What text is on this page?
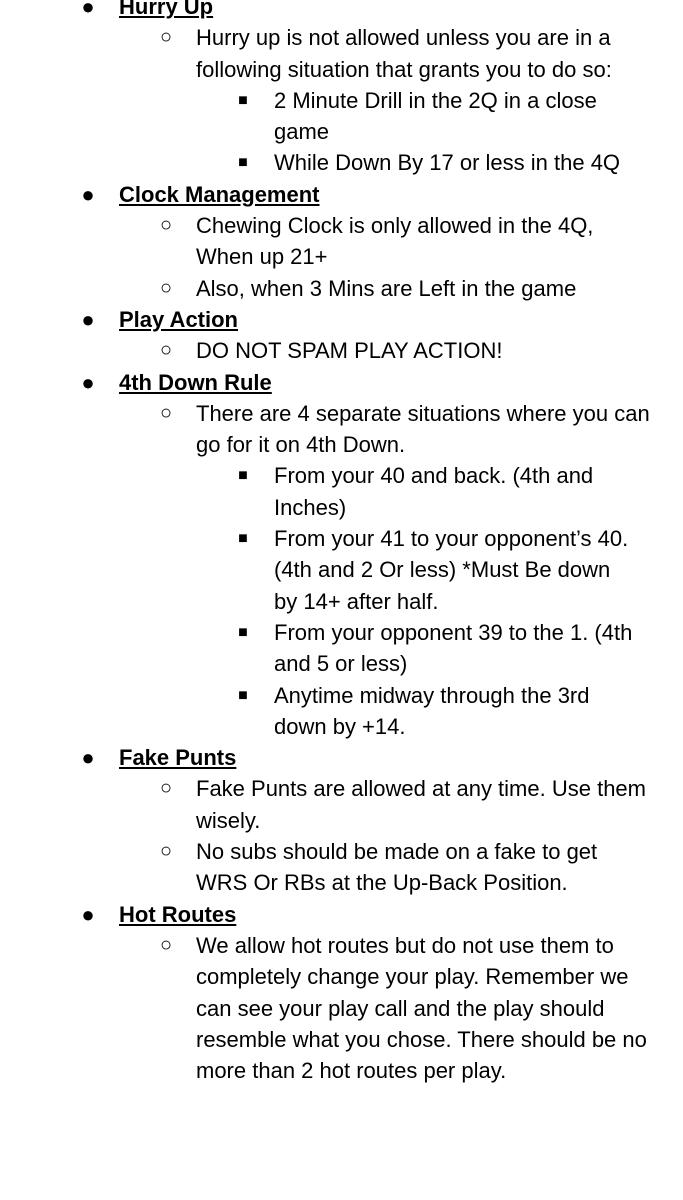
● Hurry Up
○ Hurry up is not allowed unless you are in a following situation that grants you to do so:
■ 2 Minute Drill in the 2Q in a close game
■ While Down By 17 or less in the 4Q
● Clock Management
○ Chewing Clock is only allowed in the 4Q, When up 21+
○ Also, when 3 Mins are Left in the game
● Play Action
○ DO NOT SPAM PLAY ACTION!
● 4th Down Rule
○ There are 4 separate situations where you can go for it on 4th Down.
■ From your 40 and back. (4th and Inches)
■ From your 41 to your opponent’s 40. (4th and 2 Or less) *Must Be down by 14+ after half.
■ From your opponent 39 to the 1. (4th and 5 or less)
■ Anytime midway through the 3rd down by +14.
● Fake Punts
○ Fake Punts are allowed at any time. Use them wisely.
○ No subs should be made on a fake to get WRS Or RBs at the Up-Back Position.
● Hot Routes
○ We allow hot routes but do not use them to completely change your play. Remember we can see your play call and the play should resemble what you chose. There should be no more than 2 hot routes per play.
